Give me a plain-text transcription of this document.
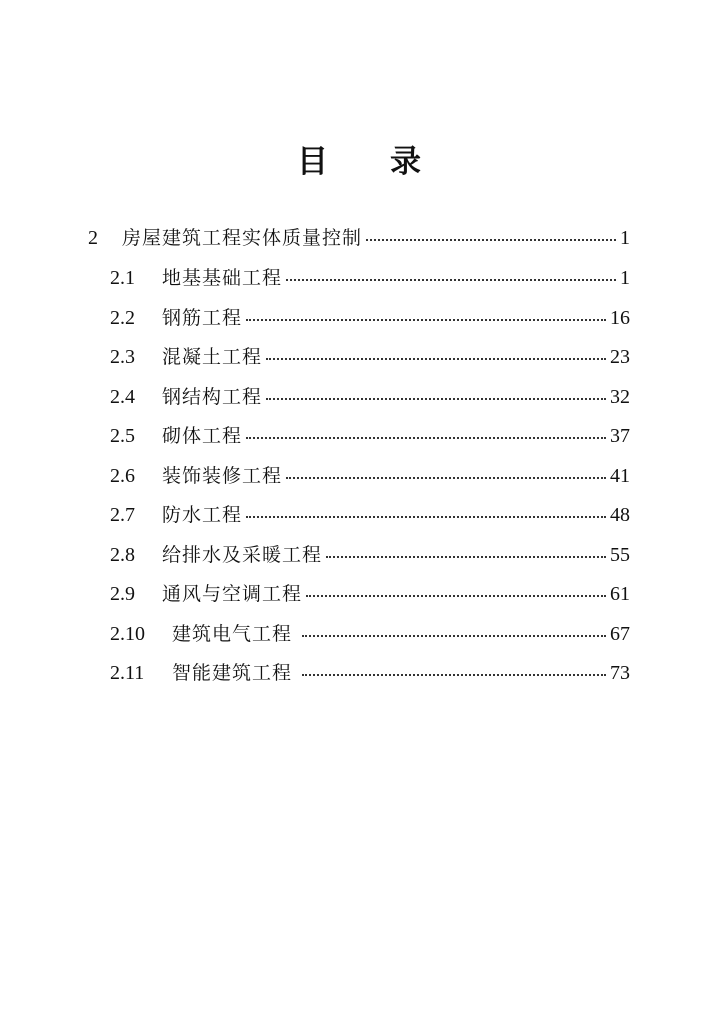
目 录
2	房屋建筑工程实体质量控制	1
2.1	地基基础工程	1
2.2	钢筋工程	16
2.3	混凝土工程	23
2.4	钢结构工程	32
2.5	砌体工程	37
2.6	装饰装修工程	41
2.7	防水工程	48
2.8	给排水及采暖工程	55
2.9	通风与空调工程	61
2.10	建筑电气工程	67
2.11	智能建筑工程	73
